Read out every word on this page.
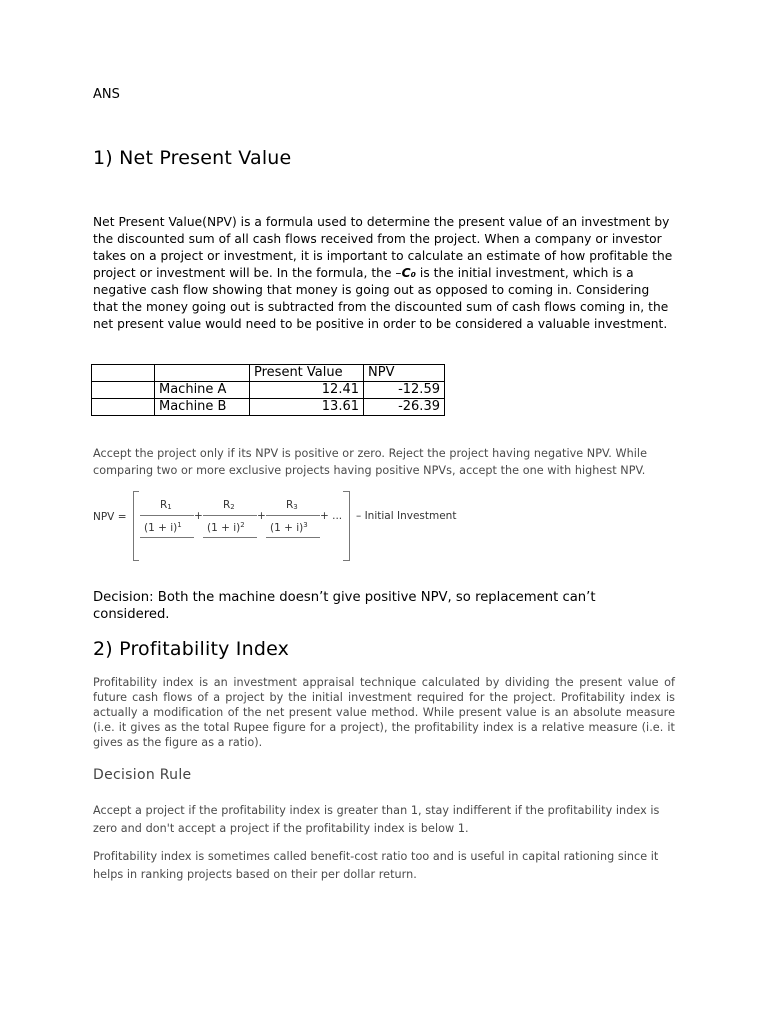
ANS
1) Net Present Value
Net Present Value(NPV) is a formula used to determine the present value of an investment by the discounted sum of all cash flows received from the project. When a company or investor takes on a project or investment, it is important to calculate an estimate of how profitable the project or investment will be. In the formula, the –C₀ is the initial investment, which is a negative cash flow showing that money is going out as opposed to coming in. Considering that the money going out is subtracted from the discounted sum of cash flows coming in, the net present value would need to be positive in order to be considered a valuable investment.
		Present Value	NPV
	Machine A	12.41	-12.59
	Machine B	13.61	-26.39
Accept the project only if its NPV is positive or zero. Reject the project having negative NPV. While comparing two or more exclusive projects having positive NPVs, accept the one with highest NPV.
NPV =
R1
$(1 + i)^1$
+
R2
$(1 + i)^2$
+
R3
$(1 + i)^3$
+ ... – Initial Investment
Decision: Both the machine doesn’t give positive NPV, so replacement can’t considered.
2) Profitability Index
Profitability index is an investment appraisal technique calculated by dividing the present value of future cash flows of a project by the initial investment required for the project. Profitability index is actually a modification of the net present value method. While present value is an absolute measure (i.e. it gives as the total Rupee figure for a project), the profitability index is a relative measure (i.e. it gives as the figure as a ratio).
Decision Rule
Accept a project if the profitability index is greater than 1, stay indifferent if the profitability index is zero and don't accept a project if the profitability index is below 1.
Profitability index is sometimes called benefit-cost ratio too and is useful in capital rationing since it helps in ranking projects based on their per dollar return.
